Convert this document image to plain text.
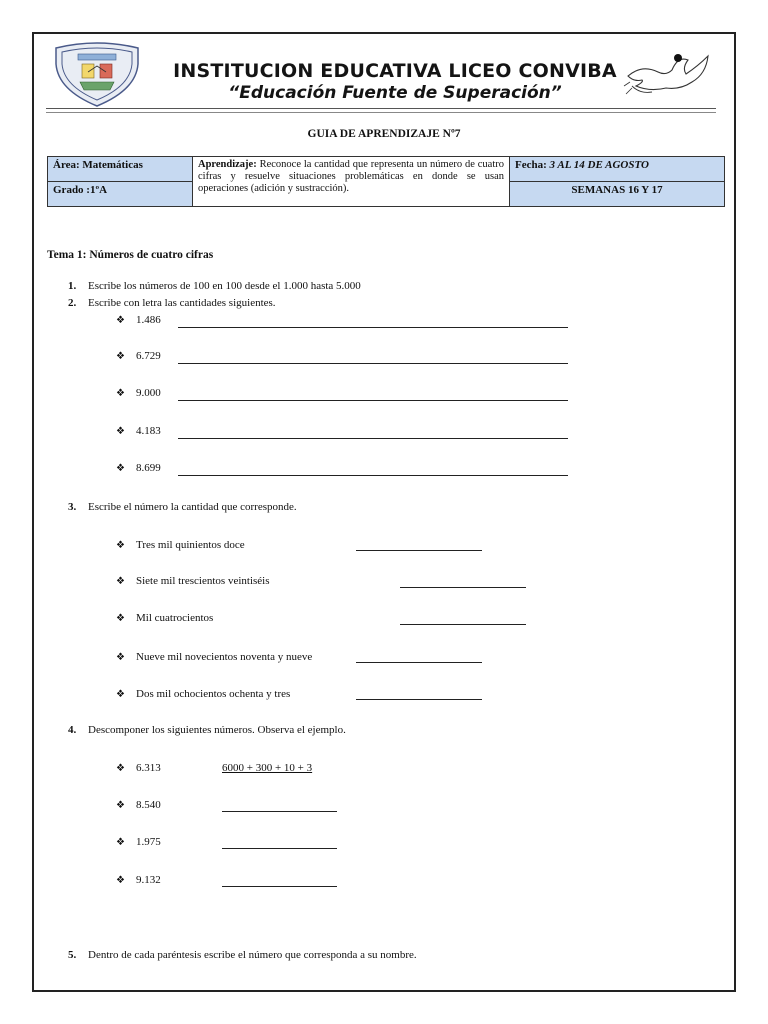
INSTITUCION EDUCATIVA LICEO CONVIBA
“Educación Fuente de Superación”
GUIA DE APRENDIZAJE Nº7
Área: Matemáticas	Aprendizaje: Reconoce la cantidad que representa un número de cuatro cifras y resuelve situaciones problemáticas en donde se usan operaciones (adición y sustracción).	Fecha: 3 AL 14 DE AGOSTO
Grado :1ºA		SEMANAS 16 Y 17
Tema 1: Números de cuatro cifras
1. Escribe los números de 100 en 100 desde el 1.000 hasta 5.000
2. Escribe con letra las cantidades siguientes.
❖ 1.486
❖ 6.729
❖ 9.000
❖ 4.183
❖ 8.699
3. Escribe el número la cantidad que corresponde.
❖ Tres mil quinientos doce
❖ Siete mil trescientos veintiséis
❖ Mil cuatrocientos
❖ Nueve mil novecientos noventa y nueve
❖ Dos mil ochocientos ochenta y tres
4. Descomponer los siguientes números. Observa el ejemplo.
❖ 6.313	6000 + 300 + 10 + 3
❖ 8.540
❖ 1.975
❖ 9.132
5. Dentro de cada paréntesis escribe el número que corresponda a su nombre.
